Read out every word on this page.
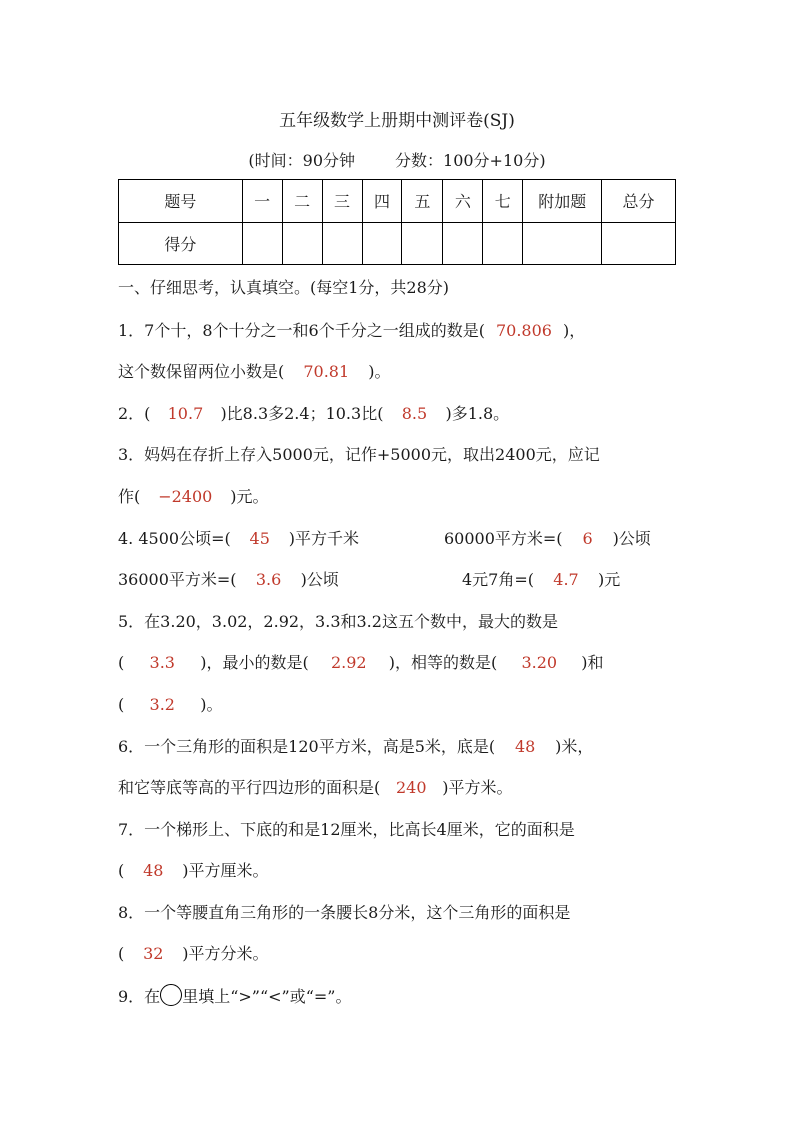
五年级数学上册期中测评卷(SJ)
(时间：90分钟	分数：100分+10分)
题号	一	二	三	四	五	六	七	附加题	总分
得分									
一、仔细思考，认真填空。(每空1分，共28分)
1．7个十，8个十分之一和6个千分之一组成的数是( 70.806 )，
这个数保留两位小数是( 70.81 )。
2．( 10.7 )比8.3多2.4；10.3比( 8.5 )多1.8。
3．妈妈在存折上存入5000元，记作+5000元，取出2400元，应记
作( −2400 )元。
4. 4500公顷=( 45 )平方千米	60000平方米=( 6 )公顷
36000平方米=( 3.6 )公顷	4元7角=( 4.7 )元
5．在3.20，3.02，2.92，3.3和3.2这五个数中，最大的数是
( 3.3 )，最小的数是( 2.92 )，相等的数是( 3.20 )和
( 3.2 )。
6．一个三角形的面积是120平方米，高是5米，底是( 48 )米，
和它等底等高的平行四边形的面积是( 240 )平方米。
7．一个梯形上、下底的和是12厘米，比高长4厘米，它的面积是
( 48 )平方厘米。
8．一个等腰直角三角形的一条腰长8分米，这个三角形的面积是
( 32 )平方分米。
9．在 里填上“>”“<”或“=”。
